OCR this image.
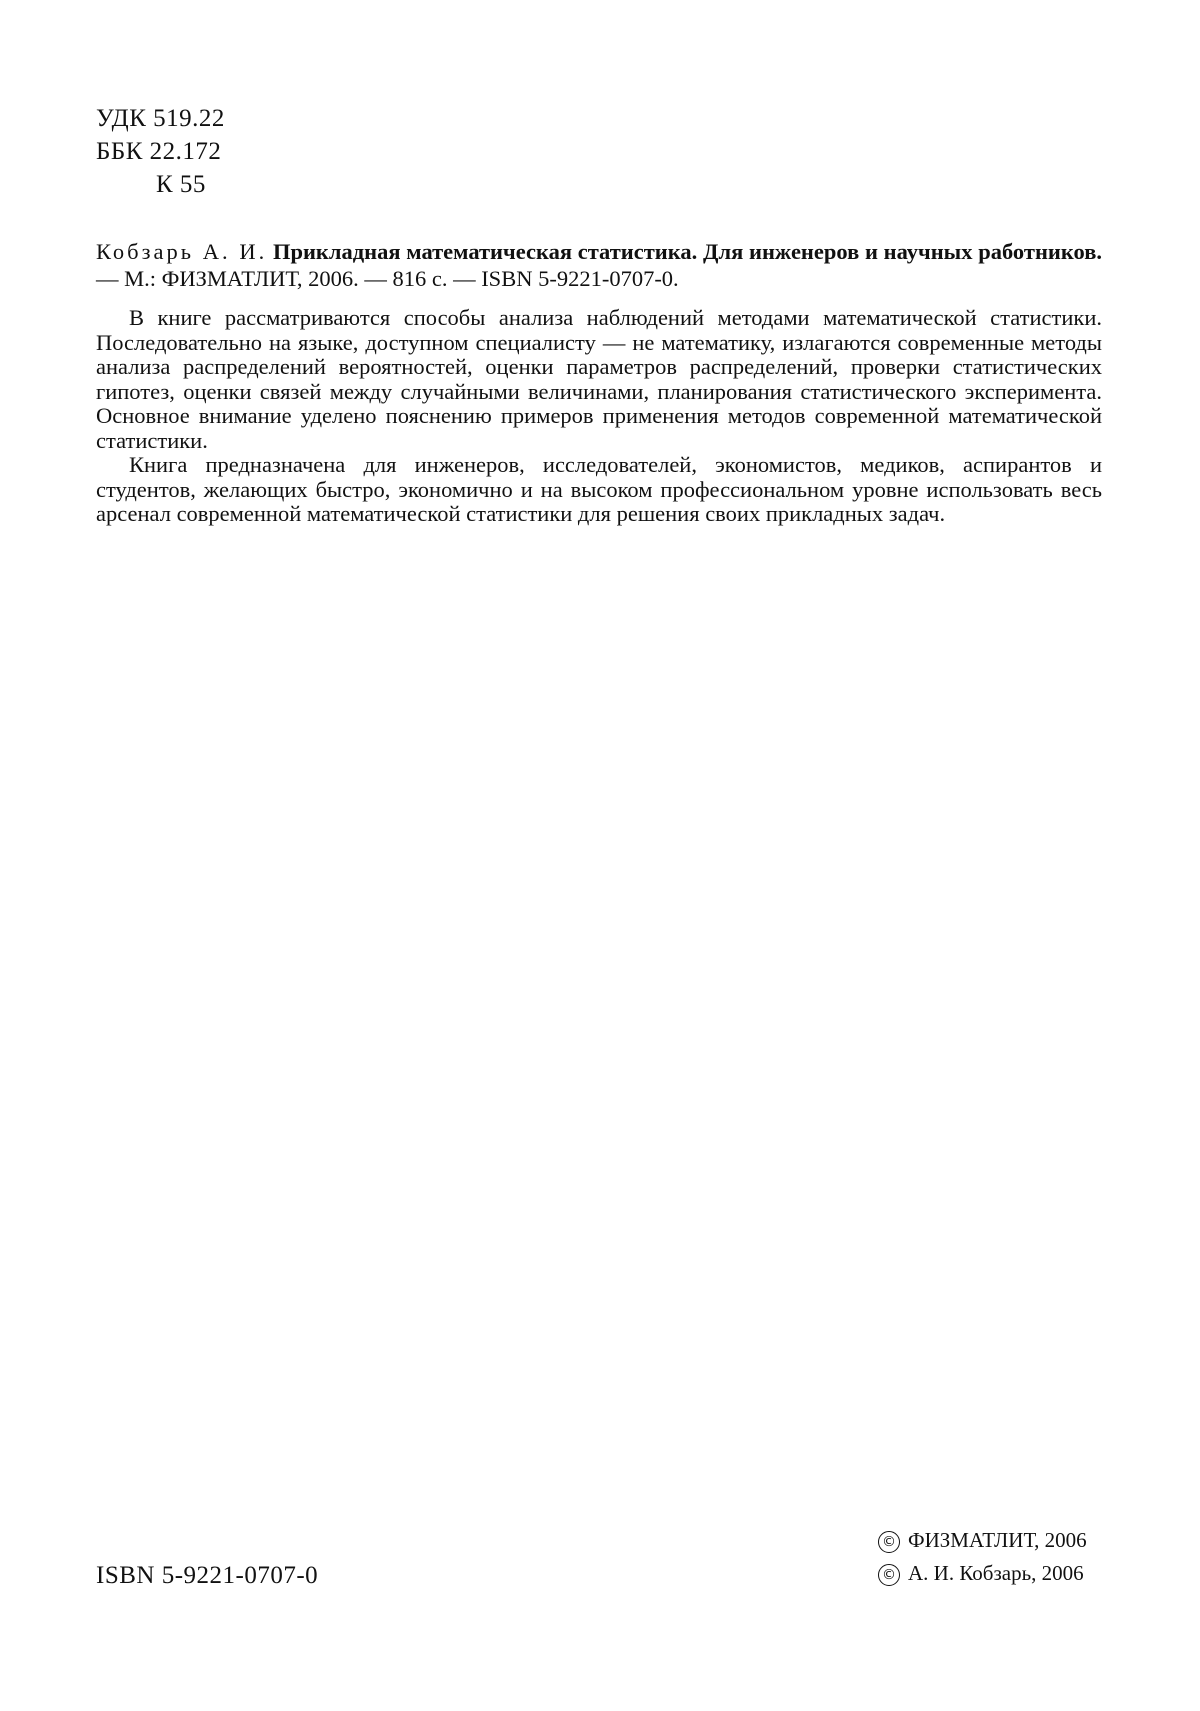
УДК 519.22
ББК 22.172
К 55
Кобзарь А. И. Прикладная математическая статистика. Для инженеров и научных работников. — М.: ФИЗМАТЛИТ, 2006. — 816 с. — ISBN 5-9221-0707-0.

В книге рассматриваются способы анализа наблюдений методами математической статистики. Последовательно на языке, доступном специалисту — не математику, излагаются современные методы анализа распределений вероятностей, оценки параметров распределений, проверки статистических гипотез, оценки связей между случайными величинами, планирования статистического эксперимента. Основное внимание уделено пояснению примеров применения методов современной математической статистики.

Книга предназначена для инженеров, исследователей, экономистов, медиков, аспирантов и студентов, желающих быстро, экономично и на высоком профессиональном уровне использовать весь арсенал современной математической статистики для решения своих прикладных задач.

ISBN 5-9221-0707-0
© ФИЗМАТЛИТ, 2006
© А. И. Кобзарь, 2006
